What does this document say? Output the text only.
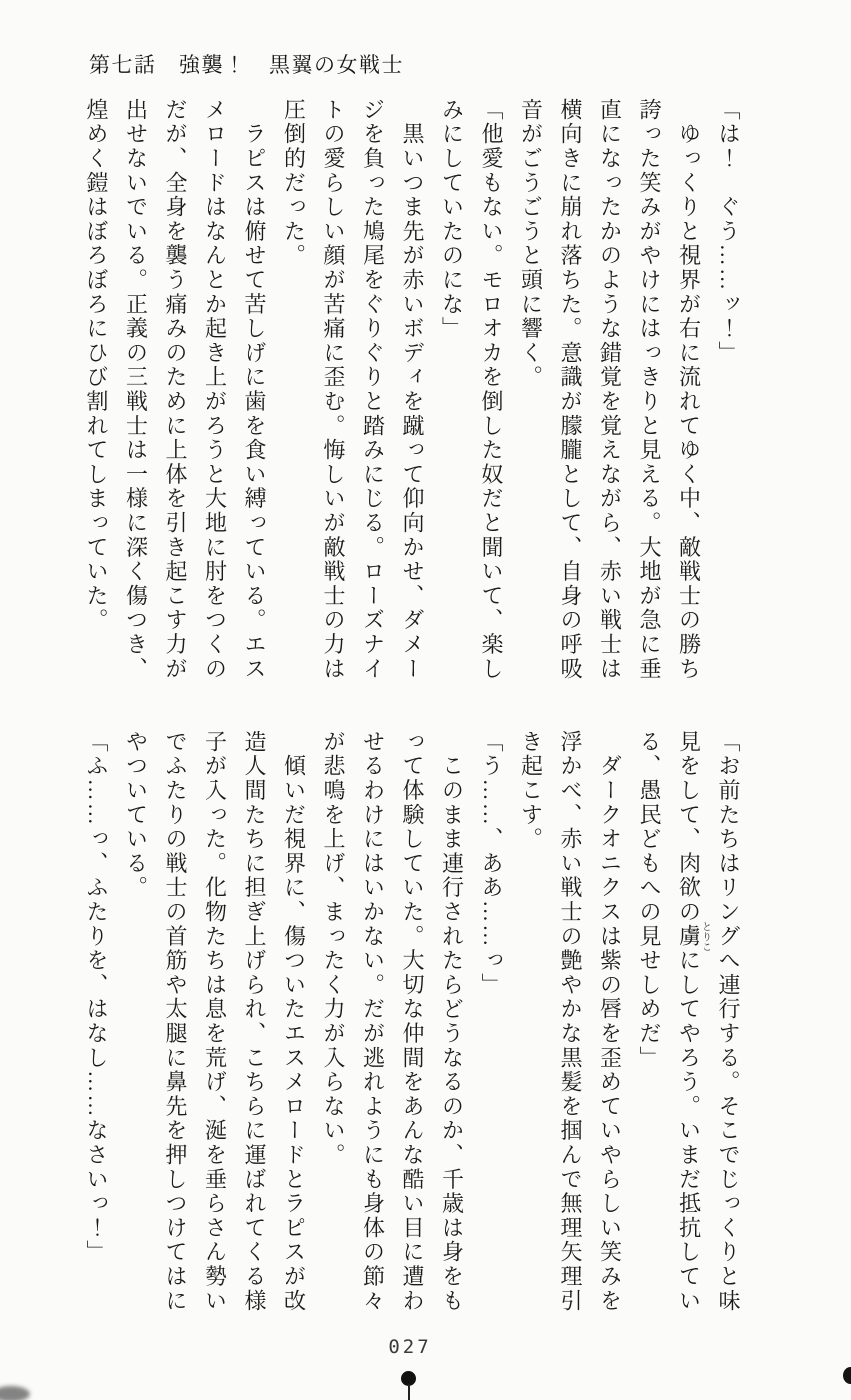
第七話　強襲！　黒翼の女戦士

「は！　ぐう……ッ！」

　ゆっくりと視界が右に流れてゆく中、敵戦士の勝ち誇った笑みがやけにはっきりと見える。大地が急に垂直になったかのような錯覚を覚えながら、赤い戦士は横向きに崩れ落ちた。意識が朦朧として、自身の呼吸音がごうごうと頭に響く。

「他愛もない。モロオカを倒した奴だと聞いて、楽しみにしていたのにな」

　黒いつま先が赤いボディを蹴って仰向かせ、ダメージを負った鳩尾をぐりぐりと踏みにじる。ローズナイトの愛らしい顔が苦痛に歪む。悔しいが敵戦士の力は圧倒的だった。

　ラピスは俯せて苦しげに歯を食い縛っている。エスメロードはなんとか起き上がろうと大地に肘をつくのだが、全身を襲う痛みのために上体を引き起こす力が出せないでいる。正義の三戦士は一様に深く傷つき、煌めく鎧はぼろぼろにひび割れてしまっていた。

「お前たちはリングへ連行する。そこでじっくりと味見をして、肉欲の虜とりこにしてやろう。いまだ抵抗している、愚民どもへの見せしめだ」

　ダークオニクスは紫の唇を歪めていやらしい笑みを浮かべ、赤い戦士の艶やかな黒髪を掴んで無理矢理引き起こす。

「う……、ああ……っ」

　このまま連行されたらどうなるのか、千歳は身をもって体験していた。大切な仲間をあんな酷い目に遭わせるわけにはいかない。だが逃れようにも身体の節々が悲鳴を上げ、まったく力が入らない。

　傾いだ視界に、傷ついたエスメロードとラピスが改造人間たちに担ぎ上げられ、こちらに運ばれてくる様子が入った。化物たちは息を荒げ、涎を垂らさん勢いでふたりの戦士の首筋や太腿に鼻先を押しつけてはにやついている。

「ふ……っ、ふたりを、はなし……なさいっ！」

027
